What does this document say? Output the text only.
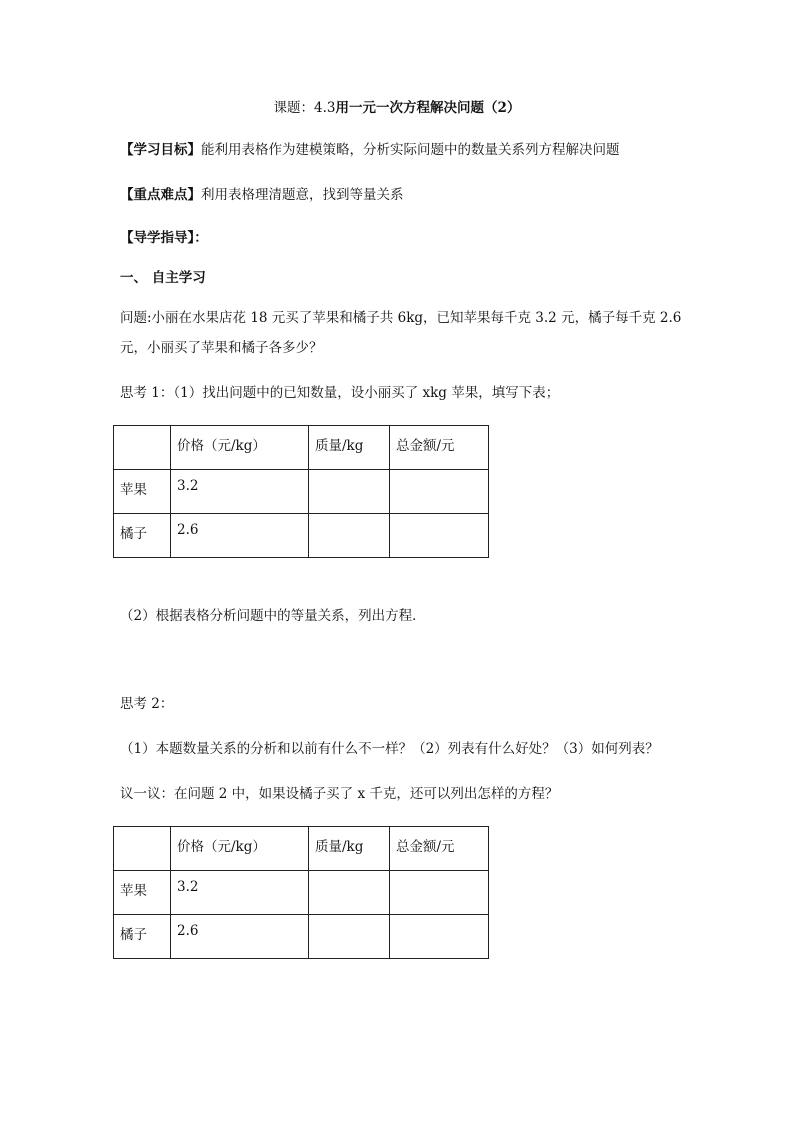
课题：4.3用一元一次方程解决问题（2）
【学习目标】能利用表格作为建模策略，分析实际问题中的数量关系列方程解决问题
【重点难点】利用表格理清题意，找到等量关系
【导学指导】：
一、 自主学习
问题:小丽在水果店花 18 元买了苹果和橘子共 6kg，已知苹果每千克 3.2 元，橘子每千克 2.6
元，小丽买了苹果和橘子各多少？
思考 1：（1）找出问题中的已知数量，设小丽买了 xkg 苹果，填写下表；
	价格（元/kg）	质量/kg	总金额/元
苹果	3.2		
橘子	2.6		
（2）根据表格分析问题中的等量关系，列出方程．
思考 2：
（1）本题数量关系的分析和以前有什么不一样？（2）列表有什么好处？（3）如何列表？
议一议：在问题 2 中，如果设橘子买了 x 千克，还可以列出怎样的方程？
	价格（元/kg）	质量/kg	总金额/元
苹果	3.2		
橘子	2.6		
